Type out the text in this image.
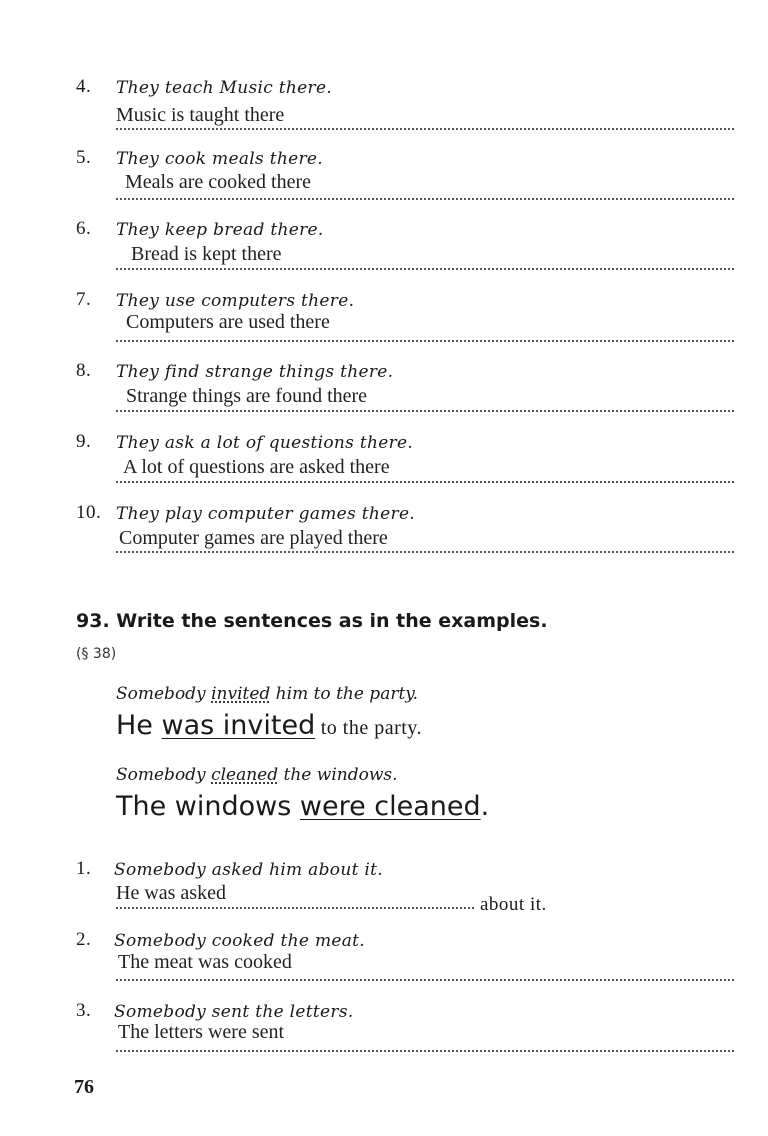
4. They teach Music there.
Music is taught there
5. They cook meals there.
Meals are cooked there
6. They keep bread there.
Bread is kept there
7. They use computers there.
Computers are used there
8. They find strange things there.
Strange things are found there
9. They ask a lot of questions there.
A lot of questions are asked there
10. They play computer games there.
Computer games are played there
93. Write the sentences as in the examples.
(§ 38)
Somebody invited him to the party.
He was invited to the party.
Somebody cleaned the windows.
The windows were cleaned.
1. Somebody asked him about it.
He was asked
about it.
2. Somebody cooked the meat.
The meat was cooked
3. Somebody sent the letters.
The letters were sent
76
